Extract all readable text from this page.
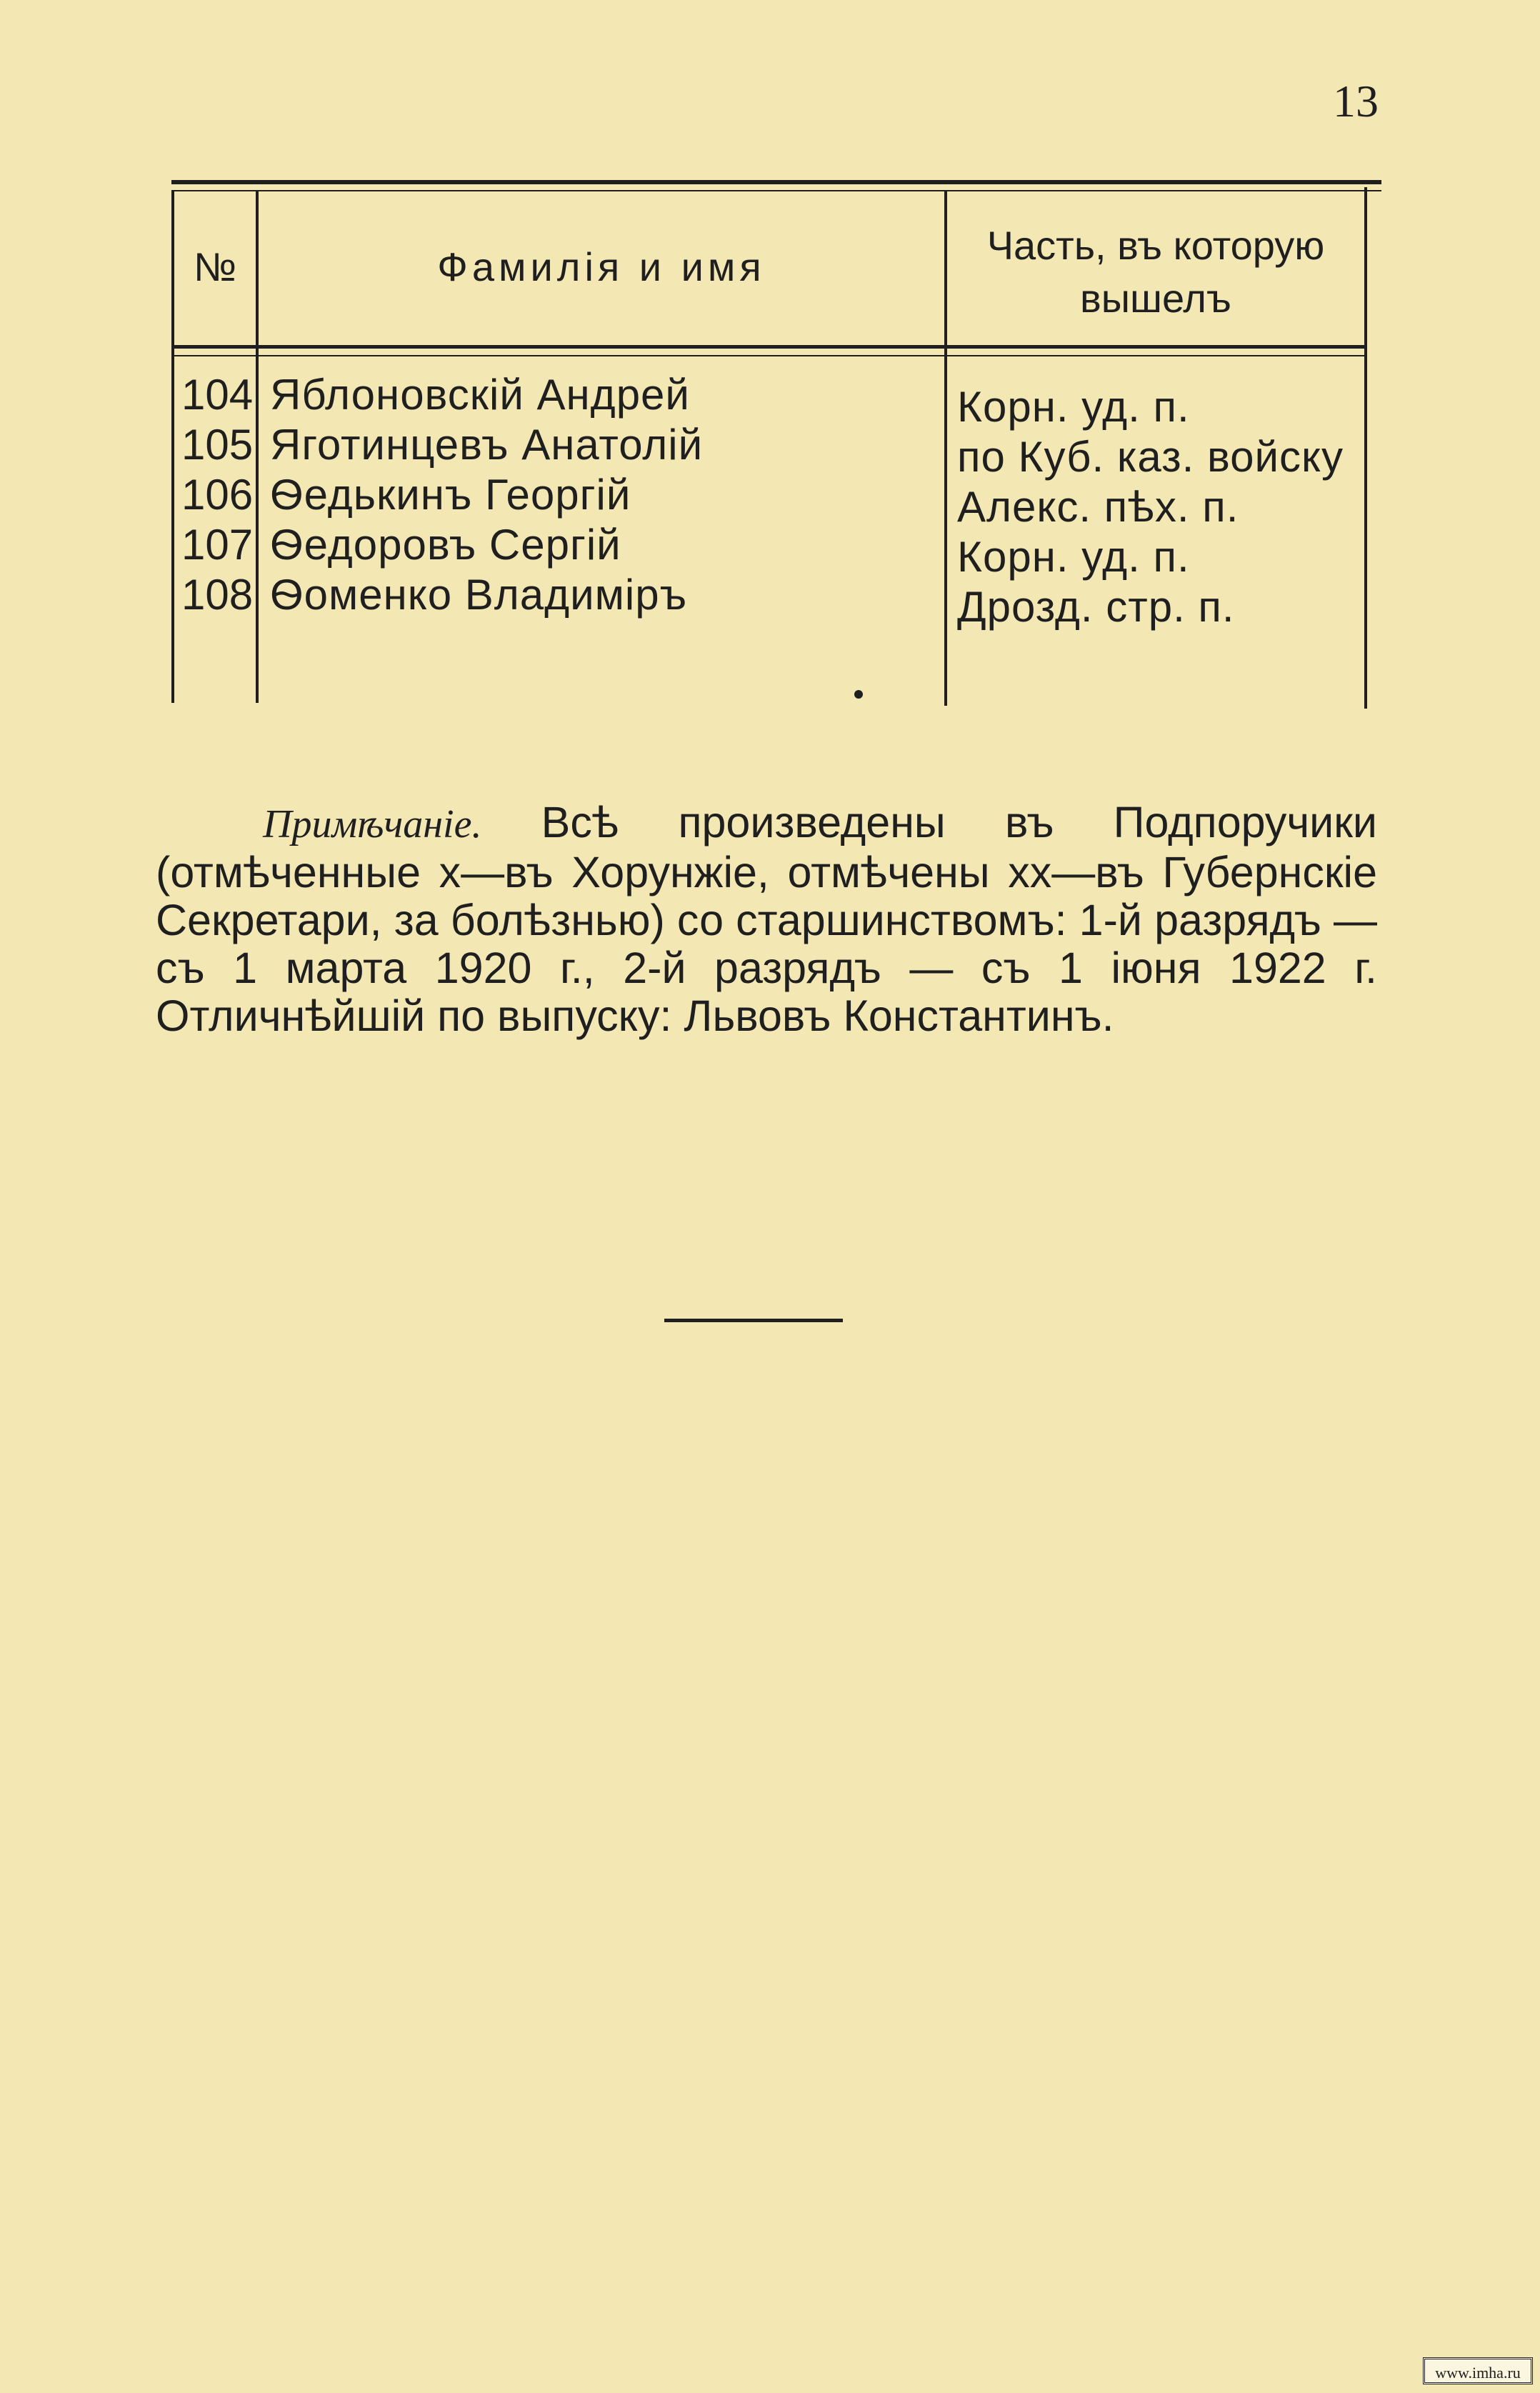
13
№	Фамилiя и имя	Часть, въ которую
вышелъ
104
105
106
107
108
Яблоновскiй Андрей
Яготинцевъ Анатолiй
Ѳедькинъ Георгiй
Ѳедоровъ Сергiй
Ѳоменко Владимiръ
Корн. уд. п.
по Куб. каз. войску
Алекс. пѣх. п.
Корн. уд. п.
Дрозд. стр. п.
Примѣчанiе. Всѣ произведены въ Подпоручики (отмѣченные х—въ Хорунжiе, отмѣчены хх—въ Губернскiе Секретари, за болѣзнью) со старшинствомъ: 1-й разрядъ — съ 1 марта 1920 г., 2-й разрядъ — съ 1 iюня 1922 г. Отличнѣйшiй по выпуску: Львовъ Константинъ.
www.imha.ru
